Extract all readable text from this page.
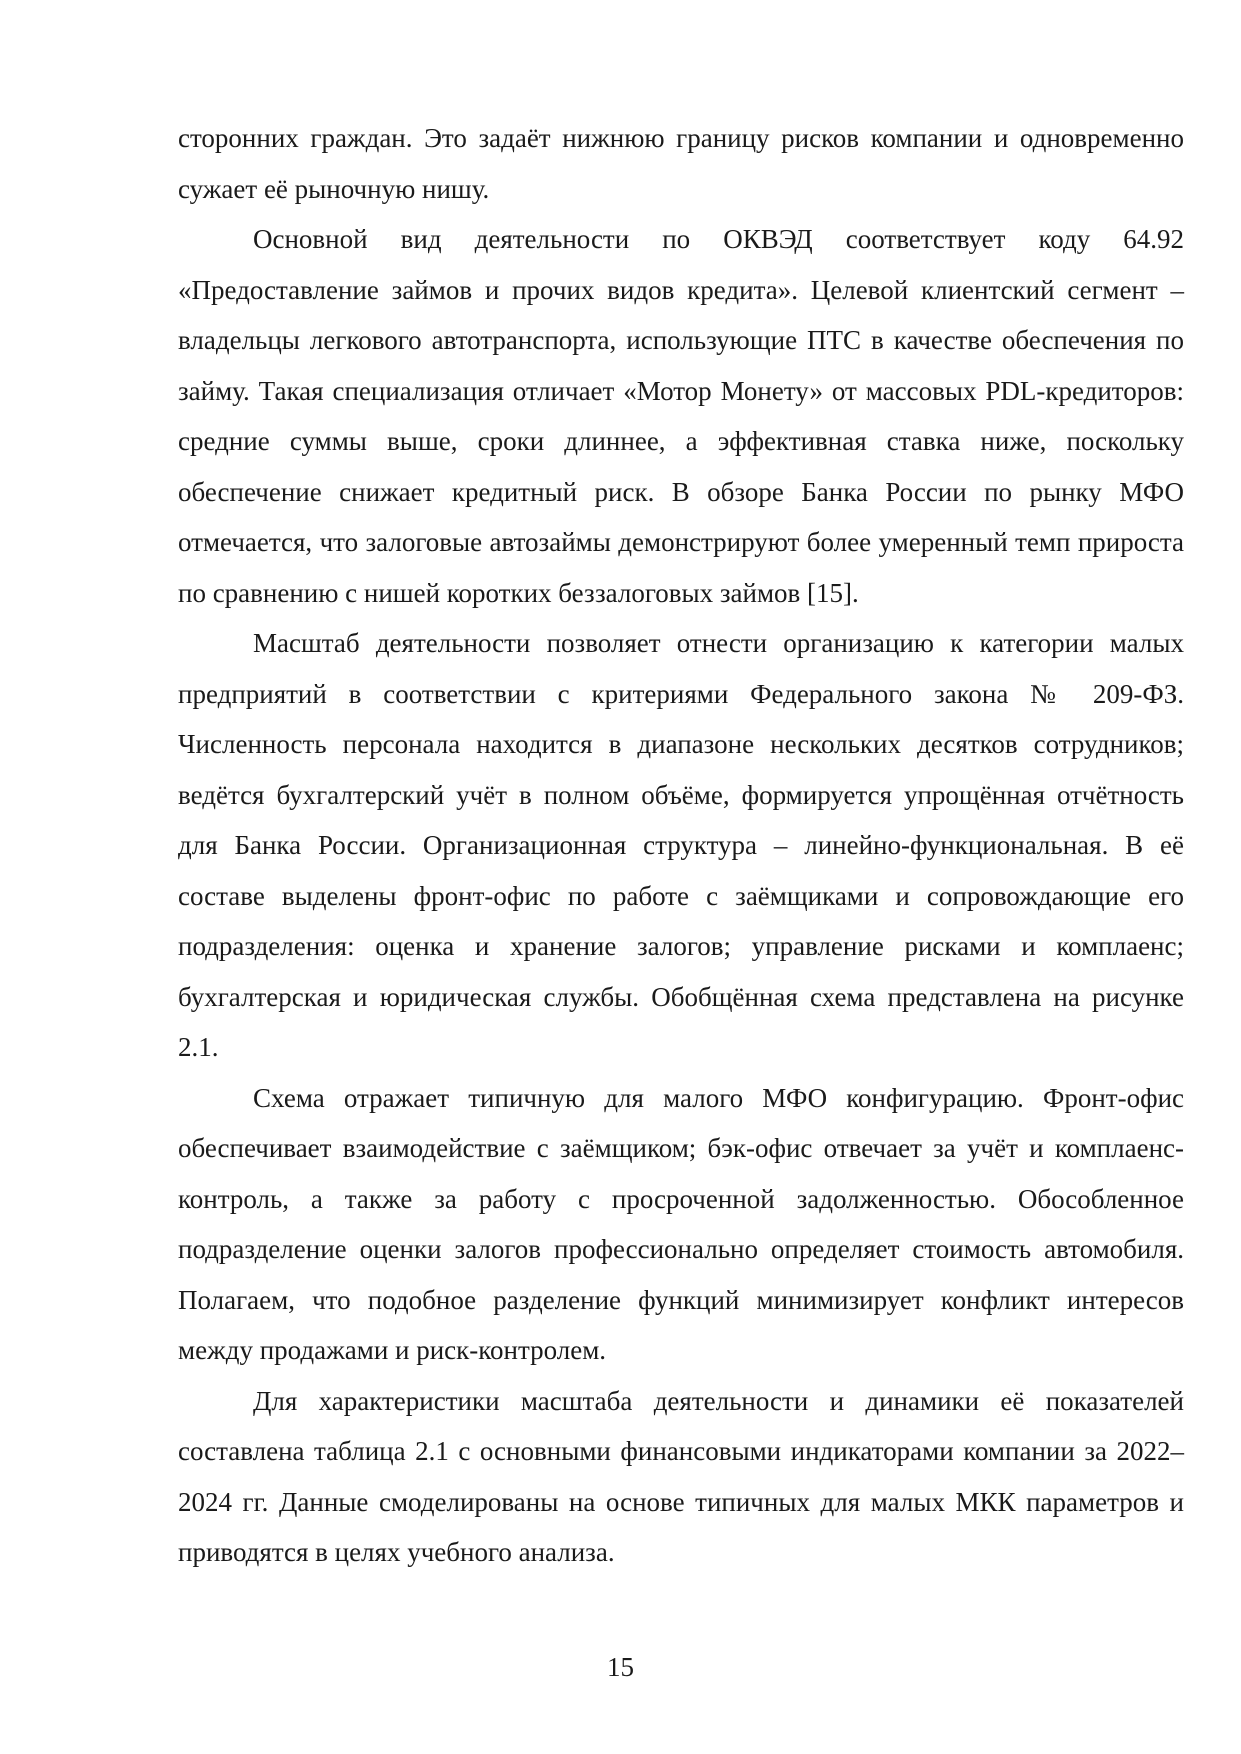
сторонних граждан. Это задаёт нижнюю границу рисков компании и одновременно сужает её рыночную нишу.

Основной вид деятельности по ОКВЭД соответствует коду 64.92 «Предоставление займов и прочих видов кредита». Целевой клиентский сегмент – владельцы легкового автотранспорта, использующие ПТС в качестве обеспечения по займу. Такая специализация отличает «Мотор Монету» от массовых PDL-кредиторов: средние суммы выше, сроки длиннее, а эффективная ставка ниже, поскольку обеспечение снижает кредитный риск. В обзоре Банка России по рынку МФО отмечается, что залоговые автозаймы демонстрируют более умеренный темп прироста по сравнению с нишей коротких беззалоговых займов [15].

Масштаб деятельности позволяет отнести организацию к категории малых предприятий в соответствии с критериями Федерального закона № 209-ФЗ. Численность персонала находится в диапазоне нескольких десятков сотрудников; ведётся бухгалтерский учёт в полном объёме, формируется упрощённая отчётность для Банка России. Организационная структура – линейно-функциональная. В её составе выделены фронт-офис по работе с заёмщиками и сопровождающие его подразделения: оценка и хранение залогов; управление рисками и комплаенс; бухгалтерская и юридическая службы. Обобщённая схема представлена на рисунке 2.1.

Схема отражает типичную для малого МФО конфигурацию. Фронт-офис обеспечивает взаимодействие с заёмщиком; бэк-офис отвечает за учёт и комплаенс-контроль, а также за работу с просроченной задолженностью. Обособленное подразделение оценки залогов профессионально определяет стоимость автомобиля. Полагаем, что подобное разделение функций минимизирует конфликт интересов между продажами и риск-контролем.

Для характеристики масштаба деятельности и динамики её показателей составлена таблица 2.1 с основными финансовыми индикаторами компании за 2022–2024 гг. Данные смоделированы на основе типичных для малых МКК параметров и приводятся в целях учебного анализа.

15
